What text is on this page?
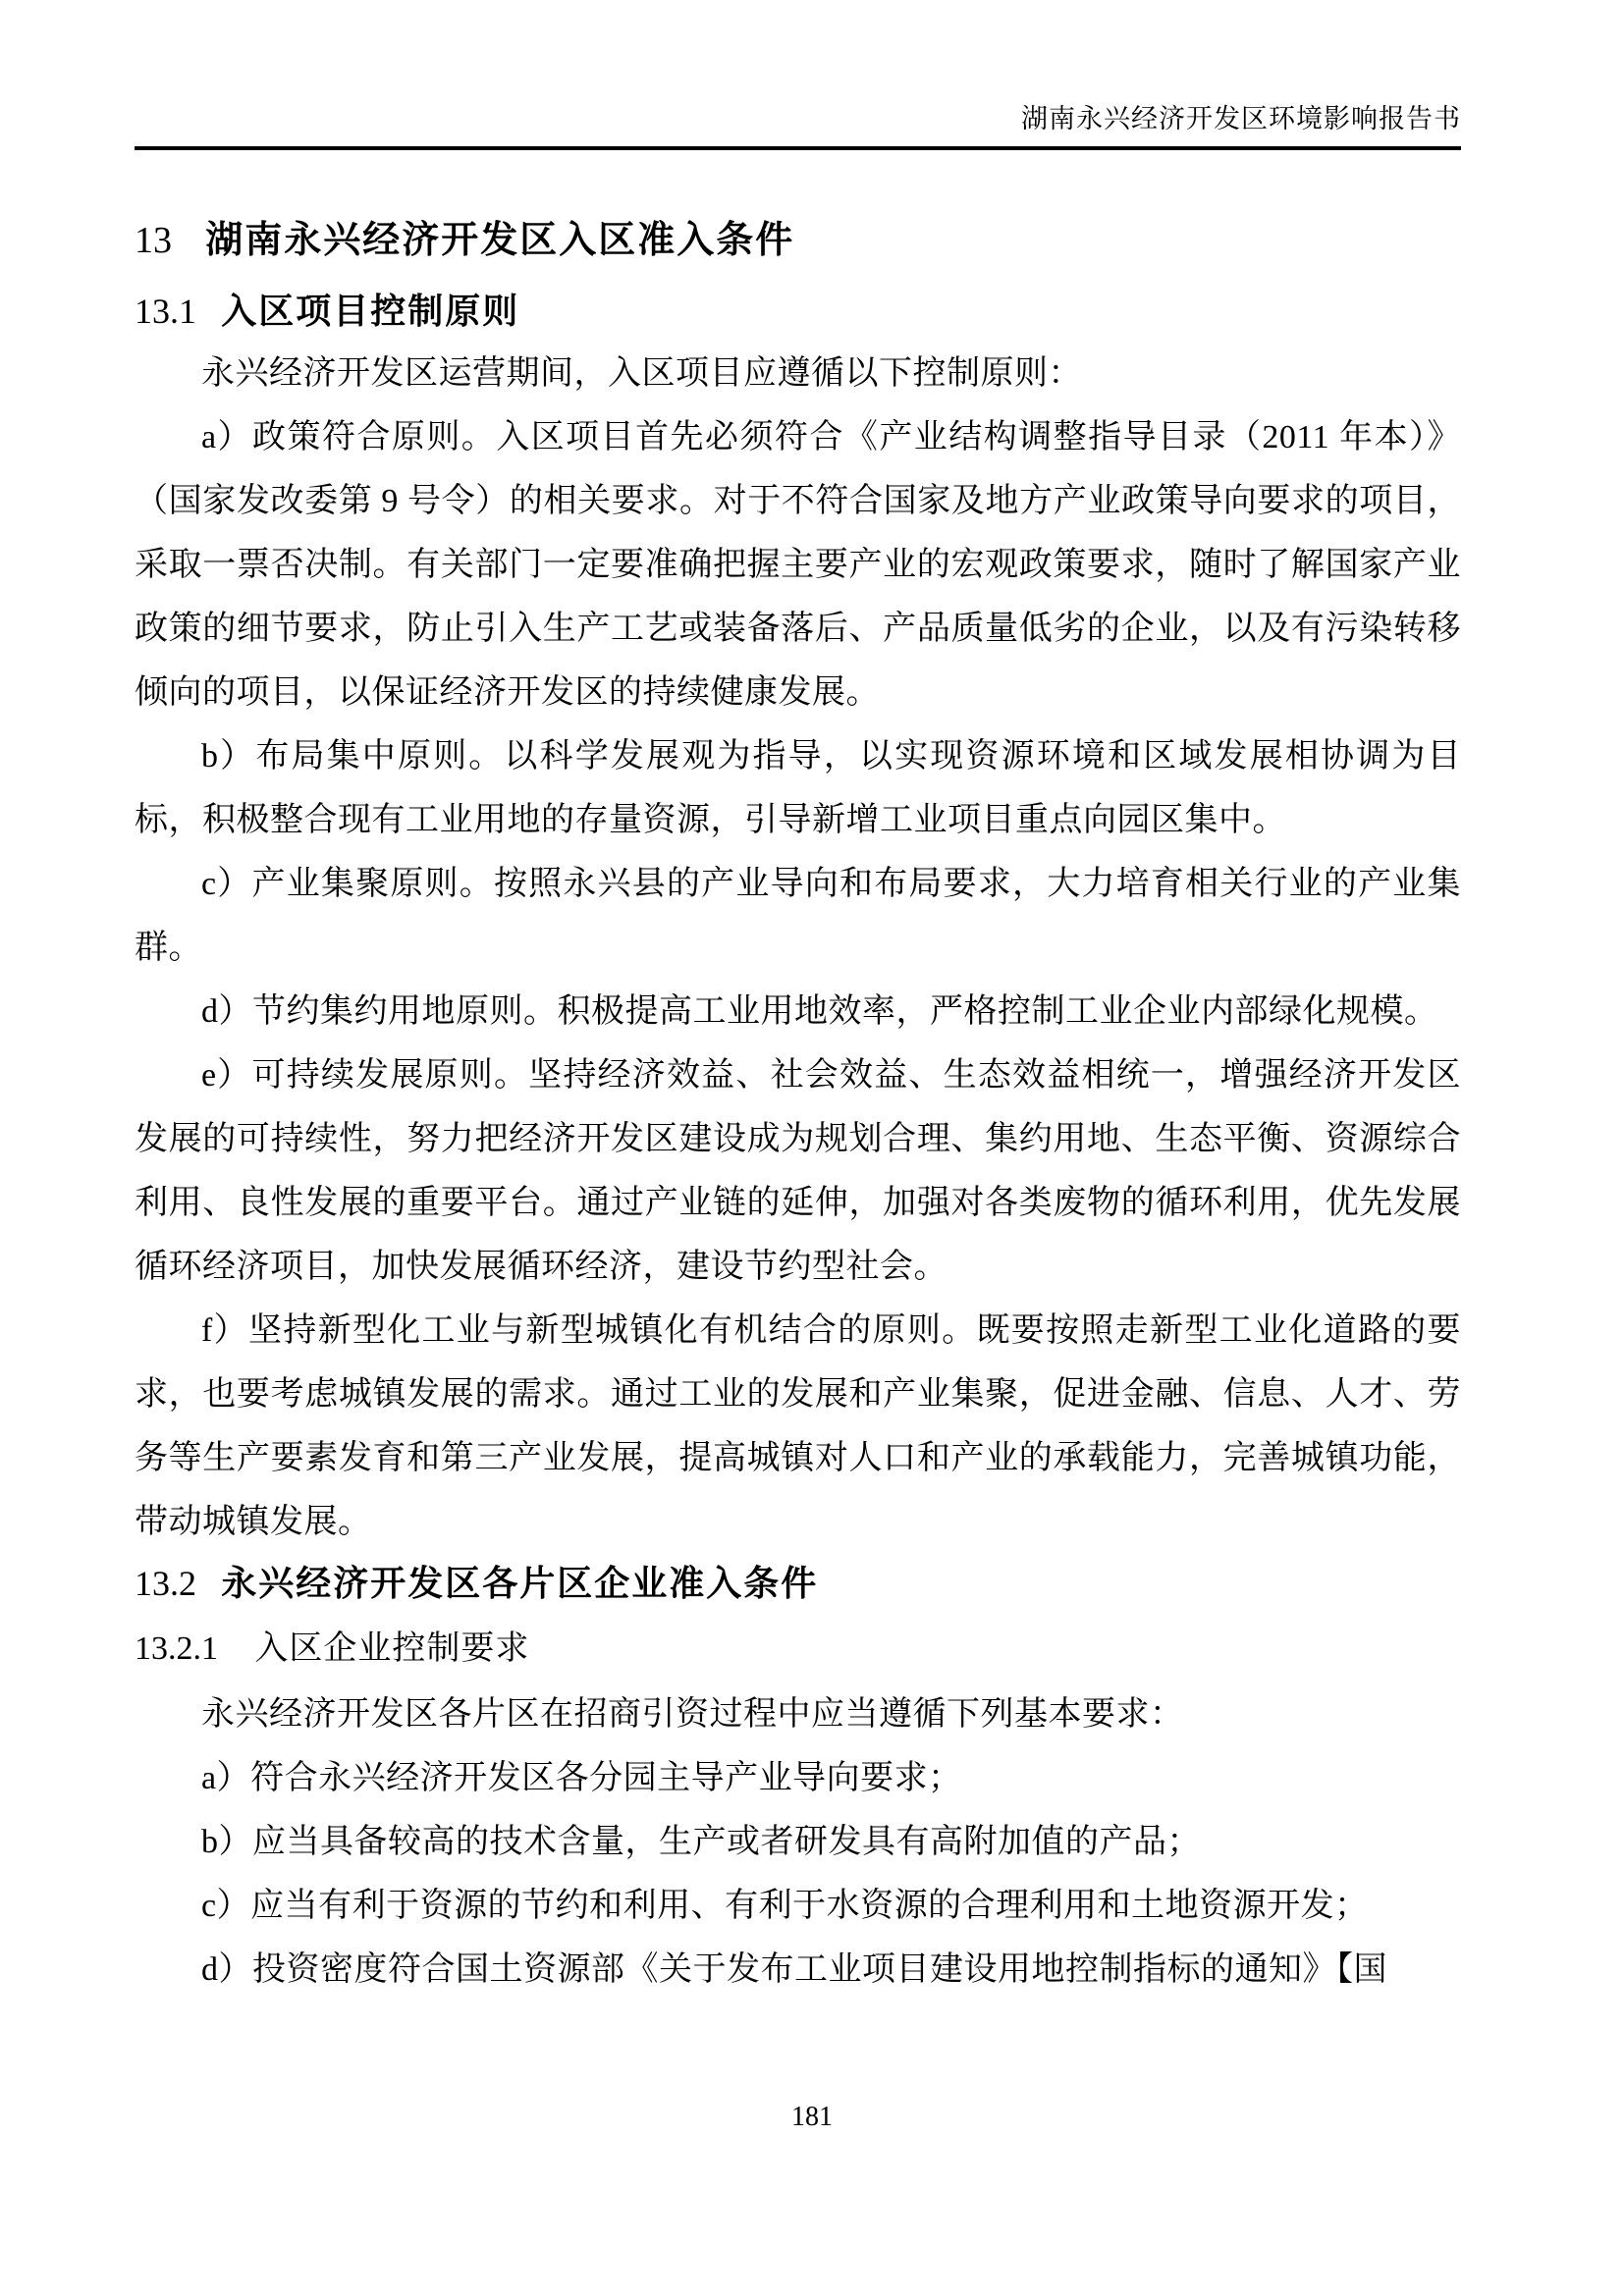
湖南永兴经济开发区环境影响报告书
13 湖南永兴经济开发区入区准入条件
13.1 入区项目控制原则

永兴经济开发区运营期间，入区项目应遵循以下控制原则：

a）政策符合原则。入区项目首先必须符合《产业结构调整指导目录（2011 年本）》（国家发改委第 9 号令）的相关要求。对于不符合国家及地方产业政策导向要求的项目，采取一票否决制。有关部门一定要准确把握主要产业的宏观政策要求，随时了解国家产业政策的细节要求，防止引入生产工艺或装备落后、产品质量低劣的企业，以及有污染转移倾向的项目，以保证经济开发区的持续健康发展。

b）布局集中原则。以科学发展观为指导，以实现资源环境和区域发展相协调为目标，积极整合现有工业用地的存量资源，引导新增工业项目重点向园区集中。

c）产业集聚原则。按照永兴县的产业导向和布局要求，大力培育相关行业的产业集群。

d）节约集约用地原则。积极提高工业用地效率，严格控制工业企业内部绿化规模。

e）可持续发展原则。坚持经济效益、社会效益、生态效益相统一，增强经济开发区发展的可持续性，努力把经济开发区建设成为规划合理、集约用地、生态平衡、资源综合利用、良性发展的重要平台。通过产业链的延伸，加强对各类废物的循环利用，优先发展循环经济项目，加快发展循环经济，建设节约型社会。

f）坚持新型化工业与新型城镇化有机结合的原则。既要按照走新型工业化道路的要求，也要考虑城镇发展的需求。通过工业的发展和产业集聚，促进金融、信息、人才、劳务等生产要素发育和第三产业发展，提高城镇对人口和产业的承载能力，完善城镇功能，带动城镇发展。

13.2 永兴经济开发区各片区企业准入条件
13.2.1 入区企业控制要求

永兴经济开发区各片区在招商引资过程中应当遵循下列基本要求：

a）符合永兴经济开发区各分园主导产业导向要求；

b）应当具备较高的技术含量，生产或者研发具有高附加值的产品；

c）应当有利于资源的节约和利用、有利于水资源的合理利用和土地资源开发；

d）投资密度符合国土资源部《关于发布工业项目建设用地控制指标的通知》【国

181
